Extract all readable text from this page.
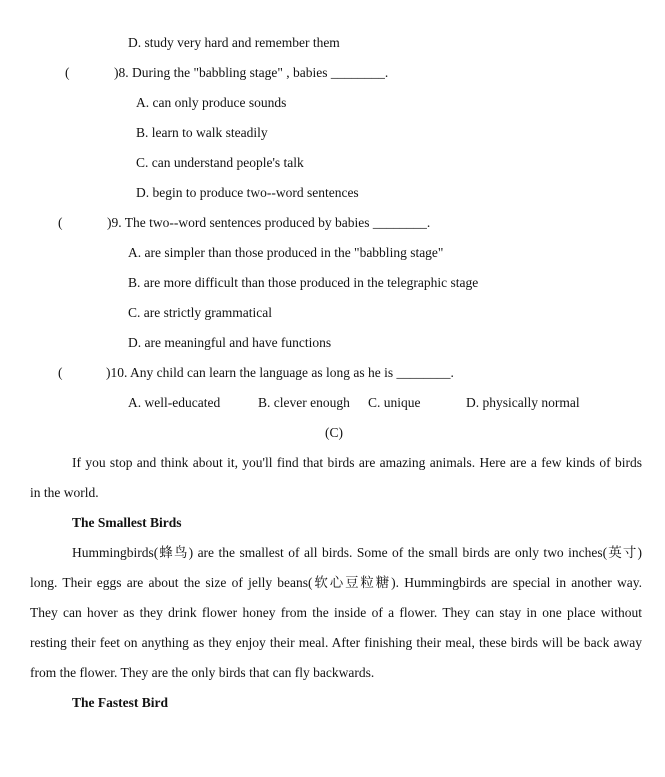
D. study very hard and remember them
(	)8. During the "babbling stage" , babies ________.
A. can only produce sounds
B. learn to walk steadily
C. can understand people's talk
D. begin to produce two--word sentences
(	)9. The two--word sentences produced by babies ________.
A. are simpler than those produced in the "babbling stage"
B. are more difficult than those produced in the telegraphic stage
C. are strictly grammatical
D. are meaningful and have functions
(	)10. Any child can learn the language as long as he is ________.
A. well-educated	B. clever enough C. unique	D. physically normal
(C)
If you stop and think about it, you'll find that birds are amazing animals. Here are a few kinds of birds
in the world.
The Smallest Birds
Hummingbirds(蜂鸟) are the smallest of all birds. Some of the small birds are only two inches(英寸)
long. Their eggs are about the size of jelly beans(软心豆粒糖). Hummingbirds are special in another way.
They can hover as they drink flower honey from the inside of a flower. They can stay in one place without
resting their feet on anything as they enjoy their meal. After finishing their meal, these birds will be back away
from the flower. They are the only birds that can fly backwards.
The Fastest Bird
